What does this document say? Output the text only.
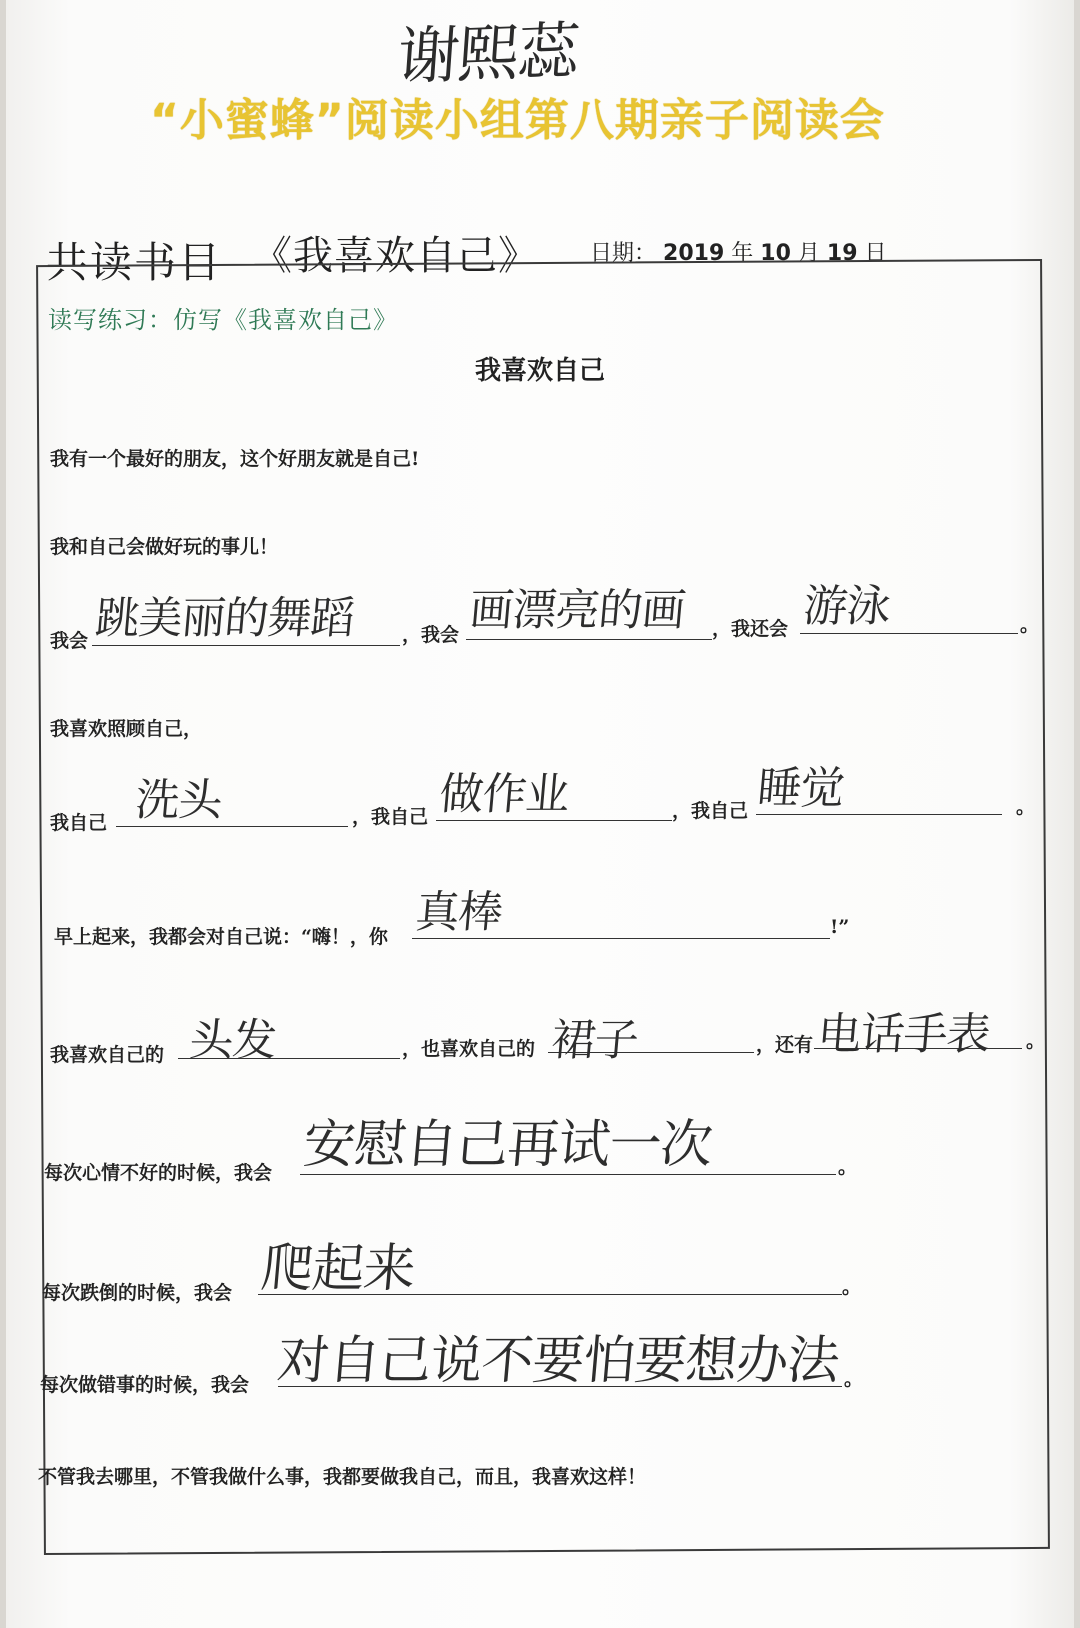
谢熙蕊
“小蜜蜂”阅读小组第八期亲子阅读会
共读书目 《我喜欢自己》 日期： 2019 年 10 月 19 日
读写练习：仿写《我喜欢自己》
我喜欢自己
我有一个最好的朋友，这个好朋友就是自己!
我和自己会做好玩的事儿！
我会 跳美丽的舞蹈 ，我会 画漂亮的画 ，我还会 游泳	。
我喜欢照顾自己，
我自己 洗头	，我自己 做作业	，我自己 睡觉	。
早上起来，我都会对自己说：“嗨！，你 真棒	!”
我喜欢自己的 头发	，也喜欢自己的 裙子	，还有 电话手表 。
每次心情不好的时候，我会 安慰自己再试一次	。
每次跌倒的时候，我会 爬起来	。
每次做错事的时候，我会 对自己说不要怕要想办法 。
不管我去哪里，不管我做什么事，我都要做我自己，而且，我喜欢这样！
